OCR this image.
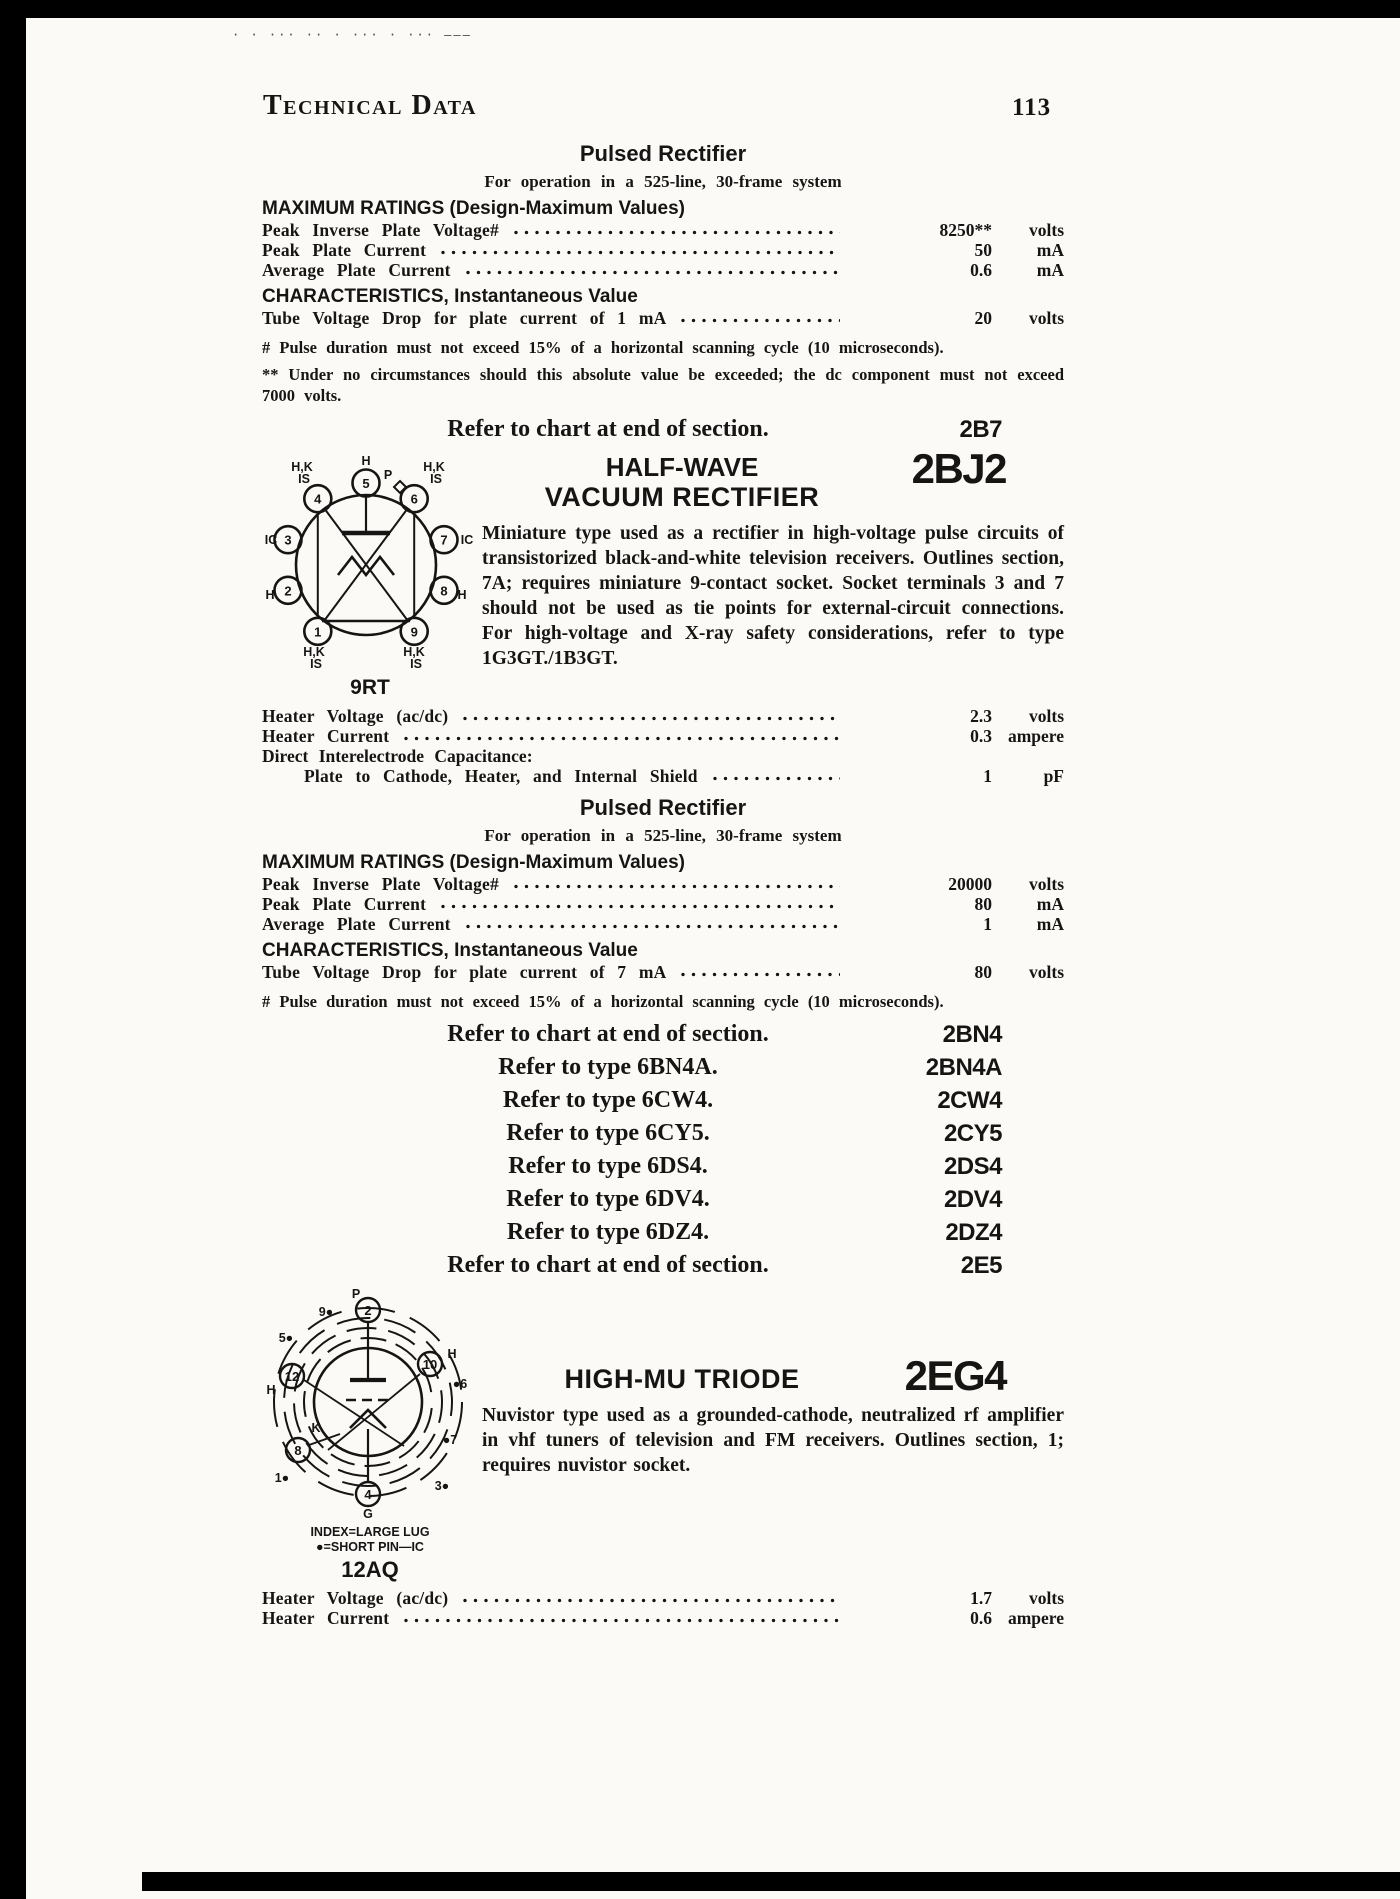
· · ··· ·· · ··· · ··· –––
Technical Data	113
Pulsed Rectifier
For operation in a 525-line, 30-frame system
MAXIMUM RATINGS (Design-Maximum Values)
Peak Inverse Plate Voltage#	8250**	volts
Peak Plate Current	50	mA
Average Plate Current	0.6	mA
CHARACTERISTICS, Instantaneous Value
Tube Voltage Drop for plate current of 1 mA	20	volts
# Pulse duration must not exceed 15% of a horizontal scanning cycle (10 microseconds).
** Under no circumstances should this absolute value be exceeded; the dc component must not exceed 7000 volts.
Refer to chart at end of section.	2B7
5
6
7
8
9
1
2
3
4
H
P
H,K
IS
H,K
IS
IC	IC
H	H
H,K
IS
H,K
IS
9RT
HALF-WAVE
VACUUM RECTIFIER
2BJ2
Miniature type used as a rectifier in high-voltage pulse circuits of transistorized black-and-white television receivers. Outlines section, 7A; requires miniature 9-contact socket. Socket terminals 3 and 7 should not be used as tie points for external-circuit connections. For high-voltage and X-ray safety considerations, refer to type 1G3GT./1B3GT.
Heater Voltage (ac/dc)	2.3	volts
Heater Current	0.3 ampere
Direct Interelectrode Capacitance:
Plate to Cathode, Heater, and Internal Shield	1	pF
Pulsed Rectifier
For operation in a 525-line, 30-frame system
MAXIMUM RATINGS (Design-Maximum Values)
Peak Inverse Plate Voltage#	20000	volts
Peak Plate Current	80	mA
Average Plate Current	1	mA
CHARACTERISTICS, Instantaneous Value
Tube Voltage Drop for plate current of 7 mA	80	volts
# Pulse duration must not exceed 15% of a horizontal scanning cycle (10 microseconds).
Refer to chart at end of section.	2BN4
Refer to type 6BN4A.	2BN4A
Refer to type 6CW4.	2CW4
Refer to type 6CY5.	2CY5
Refer to type 6DS4.	2DS4
Refer to type 6DV4.	2DV4
Refer to type 6DZ4.	2DZ4
Refer to chart at end of section.	2E5
2
P
9●
5●
12
H
10
H
●6
K
8
●7
1●
3●
4
G
INDEX=LARGE LUG
●=SHORT PIN—IC
12AQ
HIGH-MU TRIODE	2EG4
Nuvistor type used as a grounded-cathode, neutralized rf amplifier in vhf tuners of television and FM receivers. Outlines section, 1; requires nuvistor socket.
Heater Voltage (ac/dc)	1.7	volts
Heater Current	0.6 ampere
